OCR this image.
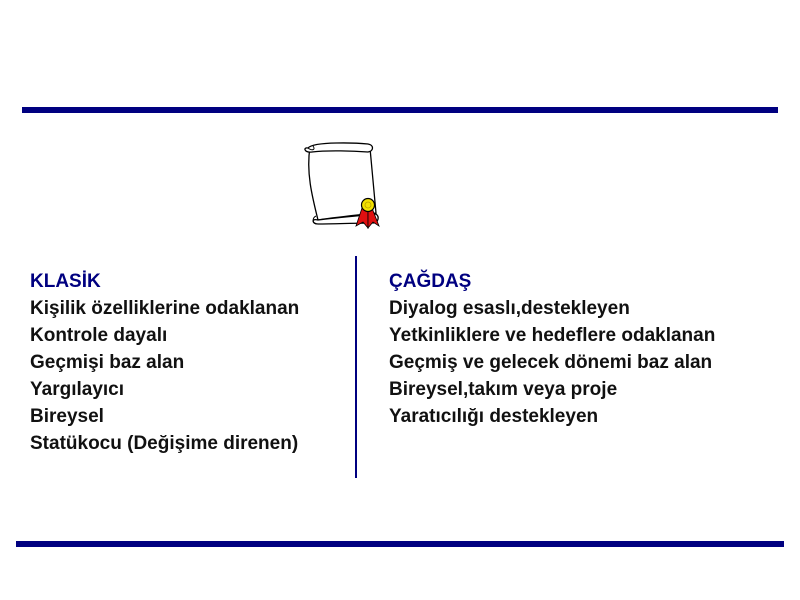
KLASİK
Kişilik özelliklerine odaklanan
Kontrole dayalı
Geçmişi baz alan
Yargılayıcı
Bireysel
Statükocu (Değişime direnen)
ÇAĞDAŞ
Diyalog esaslı,destekleyen
Yetkinliklere ve hedeflere odaklanan
Geçmiş ve gelecek dönemi baz alan
Bireysel,takım veya proje
Yaratıcılığı destekleyen
